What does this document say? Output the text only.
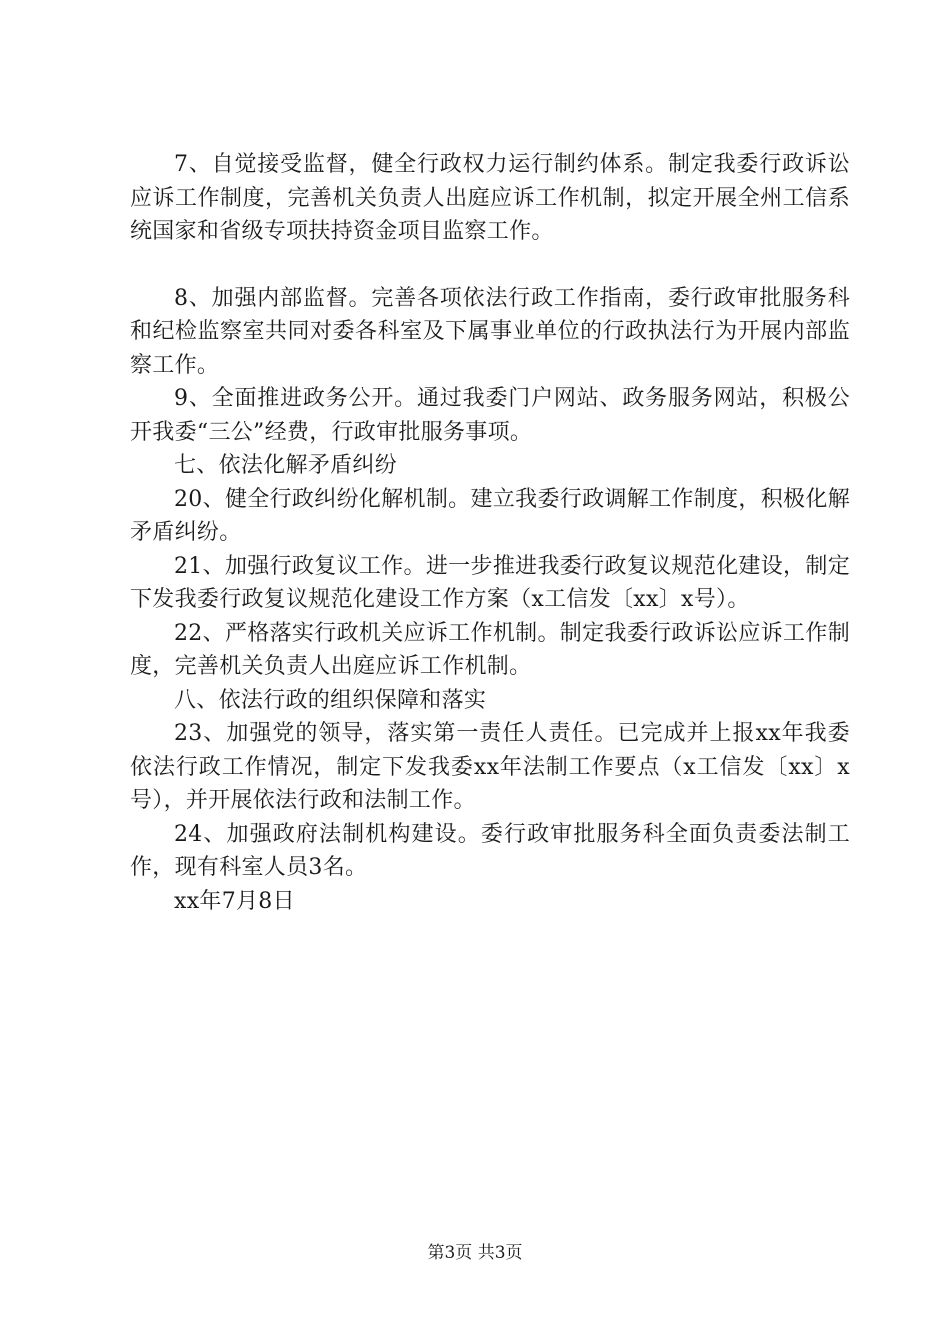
7、自觉接受监督，健全行政权力运行制约体系。制定我委行政诉讼应诉工作制度，完善机关负责人出庭应诉工作机制，拟定开展全州工信系统国家和省级专项扶持资金项目监察工作。

8、加强内部监督。完善各项依法行政工作指南，委行政审批服务科和纪检监察室共同对委各科室及下属事业单位的行政执法行为开展内部监察工作。

9、全面推进政务公开。通过我委门户网站、政务服务网站，积极公开我委“三公”经费，行政审批服务事项。

七、依法化解矛盾纠纷

20、健全行政纠纷化解机制。建立我委行政调解工作制度，积极化解矛盾纠纷。

21、加强行政复议工作。进一步推进我委行政复议规范化建设，制定下发我委行政复议规范化建设工作方案（x工信发〔xx〕x号）。

22、严格落实行政机关应诉工作机制。制定我委行政诉讼应诉工作制度，完善机关负责人出庭应诉工作机制。

八、依法行政的组织保障和落实

23、加强党的领导，落实第一责任人责任。已完成并上报xx年我委依法行政工作情况，制定下发我委xx年法制工作要点（x工信发〔xx〕x号），并开展依法行政和法制工作。

24、加强政府法制机构建设。委行政审批服务科全面负责委法制工作，现有科室人员3名。

xx年7月8日

第3页 共3页
